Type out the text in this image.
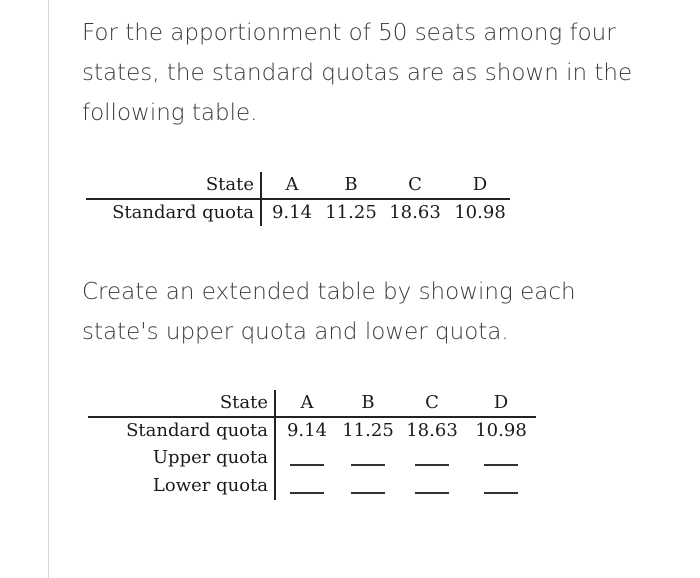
For the apportionment of 50 seats among four states, the standard quotas are as shown in the following table.
State	A	B	C	D
Standard quota	9.14	11.25	18.63	10.98
Create an extended table by showing each state's upper quota and lower quota.
State	A	B	C	D
Standard quota	9.14	11.25	18.63	10.98
Upper quota				
Lower quota				
